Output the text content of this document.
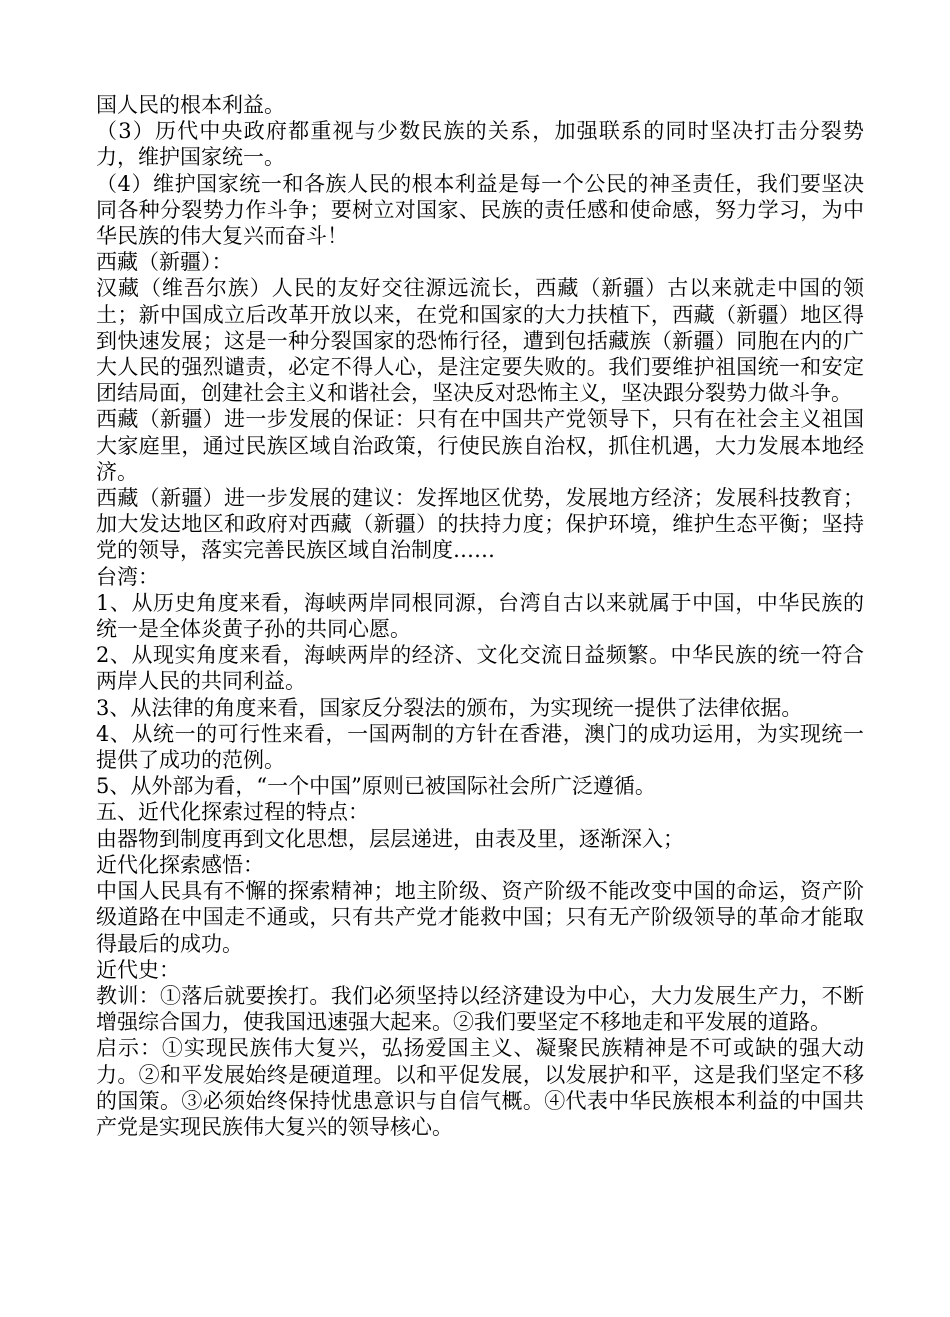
国人民的根本利益。

（3）历代中央政府都重视与少数民族的关系，加强联系的同时坚决打击分裂势力，维护国家统一。

（4）维护国家统一和各族人民的根本利益是每一个公民的神圣责任，我们要坚决同各种分裂势力作斗争；要树立对国家、民族的责任感和使命感，努力学习，为中华民族的伟大复兴而奋斗！

西藏（新疆）：

汉藏（维吾尔族）人民的友好交往源远流长，西藏（新疆）古以来就走中国的领土；新中国成立后改革开放以来，在党和国家的大力扶植下，西藏（新疆）地区得到快速发展；这是一种分裂国家的恐怖行径，遭到包括藏族（新疆）同胞在内的广大人民的强烈谴责，必定不得人心，是注定要失败的。我们要维护祖国统一和安定团结局面，创建社会主义和谐社会，坚决反对恐怖主义，坚决跟分裂势力做斗争。

西藏（新疆）进一步发展的保证：只有在中国共产党领导下，只有在社会主义祖国大家庭里，通过民族区域自治政策，行使民族自治权，抓住机遇，大力发展本地经济。

西藏（新疆）进一步发展的建议：发挥地区优势，发展地方经济；发展科技教育；加大发达地区和政府对西藏（新疆）的扶持力度；保护环境，维护生态平衡；坚持党的领导，落实完善民族区域自治制度……

台湾：

1、从历史角度来看，海峡两岸同根同源，台湾自古以来就属于中国，中华民族的统一是全体炎黄子孙的共同心愿。

2、从现实角度来看，海峡两岸的经济、文化交流日益频繁。中华民族的统一符合两岸人民的共同利益。

3、从法律的角度来看，国家反分裂法的颁布，为实现统一提供了法律依据。

4、从统一的可行性来看，一国两制的方针在香港，澳门的成功运用，为实现统一提供了成功的范例。

5、从外部为看，“一个中国”原则已被国际社会所广泛遵循。

五、近代化探索过程的特点：

由器物到制度再到文化思想，层层递进，由表及里，逐渐深入；

近代化探索感悟：

中国人民具有不懈的探索精神；地主阶级、资产阶级不能改变中国的命运，资产阶级道路在中国走不通或，只有共产党才能救中国；只有无产阶级领导的革命才能取得最后的成功。

近代史：

教训：①落后就要挨打。我们必须坚持以经济建设为中心，大力发展生产力，不断增强综合国力，使我国迅速强大起来。②我们要坚定不移地走和平发展的道路。

启示：①实现民族伟大复兴，弘扬爱国主义、凝聚民族精神是不可或缺的强大动力。②和平发展始终是硬道理。以和平促发展，以发展护和平，这是我们坚定不移的国策。③必须始终保持忧患意识与自信气概。④代表中华民族根本利益的中国共产党是实现民族伟大复兴的领导核心。
